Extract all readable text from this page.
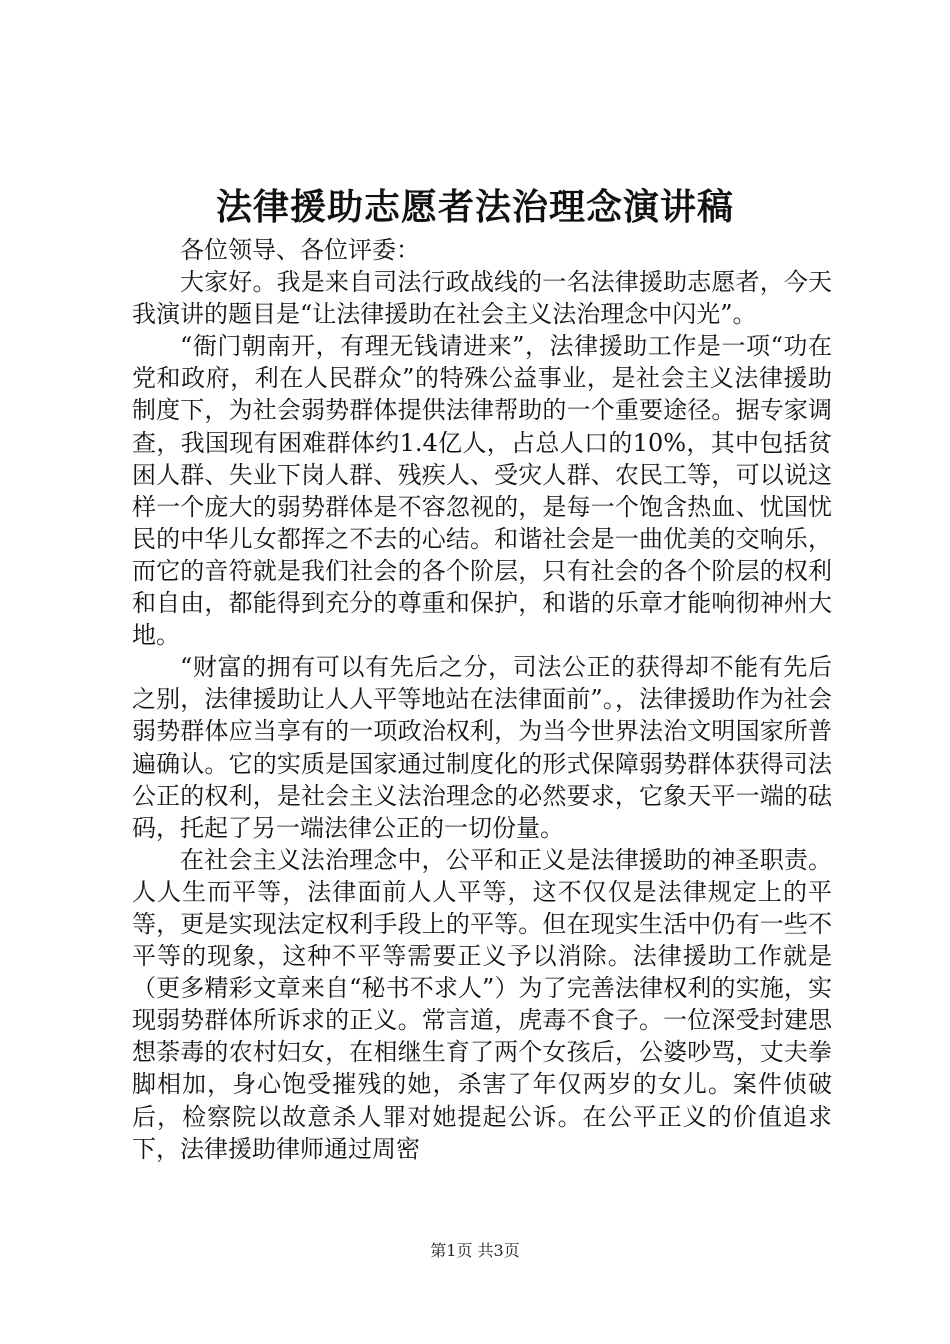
法律援助志愿者法治理念演讲稿

各位领导、各位评委：

大家好。我是来自司法行政战线的一名法律援助志愿者，今天我演讲的题目是“让法律援助在社会主义法治理念中闪光”。

“衙门朝南开，有理无钱请进来”，法律援助工作是一项“功在党和政府，利在人民群众”的特殊公益事业，是社会主义法律援助制度下，为社会弱势群体提供法律帮助的一个重要途径。据专家调查，我国现有困难群体约1.4亿人，占总人口的10%，其中包括贫困人群、失业下岗人群、残疾人、受灾人群、农民工等，可以说这样一个庞大的弱势群体是不容忽视的，是每一个饱含热血、忧国忧民的中华儿女都挥之不去的心结。和谐社会是一曲优美的交响乐，而它的音符就是我们社会的各个阶层，只有社会的各个阶层的权利和自由，都能得到充分的尊重和保护，和谐的乐章才能响彻神州大地。

“财富的拥有可以有先后之分，司法公正的获得却不能有先后之别，法律援助让人人平等地站在法律面前”。，法律援助作为社会弱势群体应当享有的一项政治权利，为当今世界法治文明国家所普遍确认。它的实质是国家通过制度化的形式保障弱势群体获得司法公正的权利，是社会主义法治理念的必然要求，它象天平一端的砝码，托起了另一端法律公正的一切份量。

在社会主义法治理念中，公平和正义是法律援助的神圣职责。人人生而平等，法律面前人人平等，这不仅仅是法律规定上的平等，更是实现法定权利手段上的平等。但在现实生活中仍有一些不平等的现象，这种不平等需要正义予以消除。法律援助工作就是（更多精彩文章来自“秘书不求人”）为了完善法律权利的实施，实现弱势群体所诉求的正义。常言道，虎毒不食子。一位深受封建思想荼毒的农村妇女，在相继生育了两个女孩后，公婆吵骂，丈夫拳脚相加，身心饱受摧残的她，杀害了年仅两岁的女儿。案件侦破后，检察院以故意杀人罪对她提起公诉。在公平正义的价值追求下，法律援助律师通过周密

第1页 共3页
